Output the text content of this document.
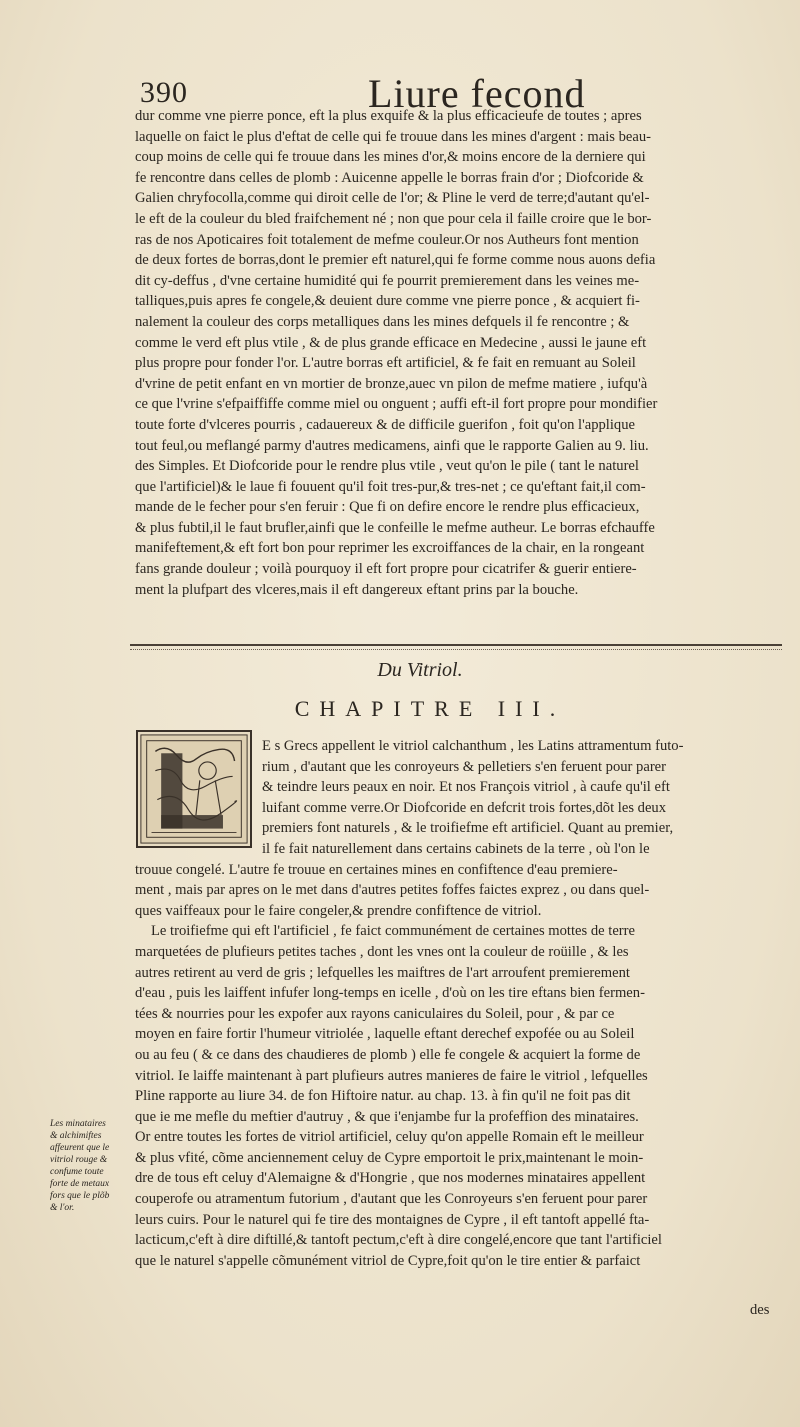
390	Liure fecond

dur comme vne pierre ponce, eft la plus exquife & la plus efficacieufe de toutes ; apres

laquelle on faict le plus d'eftat de celle qui fe trouue dans les mines d'argent : mais beau-

coup moins de celle qui fe trouue dans les mines d'or,& moins encore de la derniere qui

fe rencontre dans celles de plomb : Auicenne appelle le borras frain d'or ; Diofcoride &

Galien chryfocolla,comme qui diroit celle de l'or; & Pline le verd de terre;d'autant qu'el-

le eft de la couleur du bled fraifchement né ; non que pour cela il faille croire que le bor-

ras de nos Apoticaires foit totalement de mefme couleur.Or nos Autheurs font mention

de deux fortes de borras,dont le premier eft naturel,qui fe forme comme nous auons defia

dit cy-deffus , d'vne certaine humidité qui fe pourrit premierement dans les veines me-

talliques,puis apres fe congele,& deuient dure comme vne pierre ponce , & acquiert fi-

nalement la couleur des corps metalliques dans les mines defquels il fe rencontre ; &

comme le verd eft plus vtile , & de plus grande efficace en Medecine , aussi le jaune eft

plus propre pour fonder l'or. L'autre borras eft artificiel, & fe fait en remuant au Soleil

d'vrine de petit enfant en vn mortier de bronze,auec vn pilon de mefme matiere , iufqu'à

ce que l'vrine s'efpaiffiffe comme miel ou onguent ; auffi eft-il fort propre pour mondifier

toute forte d'vlceres pourris , cadauereux & de difficile guerifon , foit qu'on l'applique

tout feul,ou meflangé parmy d'autres medicamens, ainfi que le rapporte Galien au 9. liu.

des Simples. Et Diofcoride pour le rendre plus vtile , veut qu'on le pile ( tant le naturel

que l'artificiel)& le laue fi fouuent qu'il foit tres-pur,& tres-net ; ce qu'eftant fait,il com-

mande de le fecher pour s'en feruir : Que fi on defire encore le rendre plus efficacieux,

& plus fubtil,il le faut brufler,ainfi que le confeille le mefme autheur. Le borras efchauffe

manifeftement,& eft fort bon pour reprimer les excroiffances de la chair, en la rongeant

fans grande douleur ; voilà pourquoy il eft fort propre pour cicatrifer & guerir entiere-

ment la plufpart des vlceres,mais il eft dangereux eftant prins par la bouche.

Du Vitriol.
CHAPITRE III.

E s Grecs appellent le vitriol calchanthum , les Latins attramentum futo-

rium , d'autant que les conroyeurs & pelletiers s'en feruent pour parer

& teindre leurs peaux en noir. Et nos François vitriol , à caufe qu'il eft

luifant comme verre.Or Diofcoride en defcrit trois fortes,dõt les deux

premiers font naturels , & le troifiefme eft artificiel. Quant au premier,

il fe fait naturellement dans certains cabinets de la terre , où l'on le

trouue congelé. L'autre fe trouue en certaines mines en confiftence d'eau premiere-

ment , mais par apres on le met dans d'autres petites foffes faictes exprez , ou dans quel-

ques vaiffeaux pour le faire congeler,& prendre confiftence de vitriol.

Le troifiefme qui eft l'artificiel , fe faict communément de certaines mottes de terre

marquetées de plufieurs petites taches , dont les vnes ont la couleur de roüille , & les

autres retirent au verd de gris ; lefquelles les maiftres de l'art arroufent premierement

d'eau , puis les laiffent infufer long-temps en icelle , d'où on les tire eftans bien fermen-

tées & nourries pour les expofer aux rayons caniculaires du Soleil, pour , & par ce

moyen en faire fortir l'humeur vitriolée , laquelle eftant derechef expofée ou au Soleil

ou au feu ( & ce dans des chaudieres de plomb ) elle fe congele & acquiert la forme de

vitriol. Ie laiffe maintenant à part plufieurs autres manieres de faire le vitriol , lefquelles

Pline rapporte au liure 34. de fon Hiftoire natur. au chap. 13. à fin qu'il ne foit pas dit

que ie me mefle du meftier d'autruy , & que i'enjambe fur la profeffion des minataires.

Or entre toutes les fortes de vitriol artificiel, celuy qu'on appelle Romain eft le meilleur

& plus vfité, cõme anciennement celuy de Cypre emportoit le prix,maintenant le moin-

dre de tous eft celuy d'Alemaigne & d'Hongrie , que nos modernes minataires appellent

couperofe ou atramentum futorium , d'autant que les Conroyeurs s'en feruent pour parer

leurs cuirs. Pour le naturel qui fe tire des montaignes de Cypre , il eft tantoft appellé fta-

lacticum,c'eft à dire diftillé,& tantoft pectum,c'eft à dire congelé,encore que tant l'artificiel

que le naturel s'appelle cõmunément vitriol de Cypre,foit qu'on le tire entier & parfaict

des

Les minataires

& alchimiftes

affeurent que le

vitriol rouge &

confume toute

forte de metaux

fors que le plõb

& l'or.
